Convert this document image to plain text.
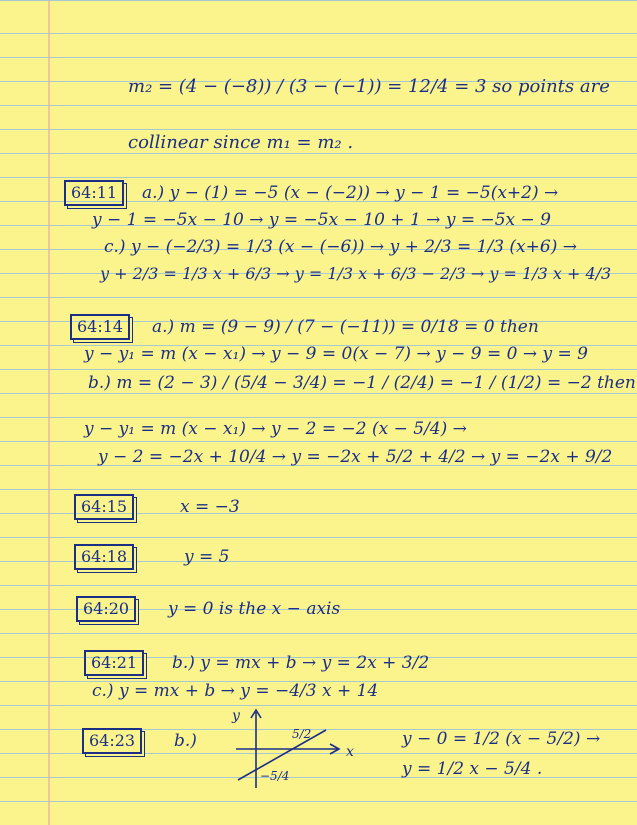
m₂ = (4 − (−8)) / (3 − (−1)) = 12/4 = 3 so points are
collinear since m₁ = m₂ .
64:11	a.) y − (1) = −5 (x − (−2)) → y − 1 = −5(x+2) →
y − 1 = −5x − 10 → y = −5x − 10 + 1 → y = −5x − 9
c.) y − (−2/3) = 1/3 (x − (−6)) → y + 2/3 = 1/3 (x+6) →
y + 2/3 = 1/3 x + 6/3 → y = 1/3 x + 6/3 − 2/3 → y = 1/3 x + 4/3
64:14	a.) m = (9 − 9) / (7 − (−11)) = 0/18 = 0 then
y − y₁ = m (x − x₁) → y − 9 = 0(x − 7) → y − 9 = 0 → y = 9
b.) m = (2 − 3) / (5/4 − 3/4) = −1 / (2/4) = −1 / (1/2) = −2 then
y − y₁ = m (x − x₁) → y − 2 = −2 (x − 5/4) →
y − 2 = −2x + 10/4 → y = −2x + 5/2 + 4/2 → y = −2x + 9/2
64:15	x = −3
64:18	y = 5
64:20	y = 0 is the x − axis
64:21	b.) y = mx + b → y = 2x + 3/2
c.) y = mx + b → y = −4/3 x + 14
64:23	b.)
y
x
5/2
−5/4
y − 0 = 1/2 (x − 5/2) →
y = 1/2 x − 5/4 .
